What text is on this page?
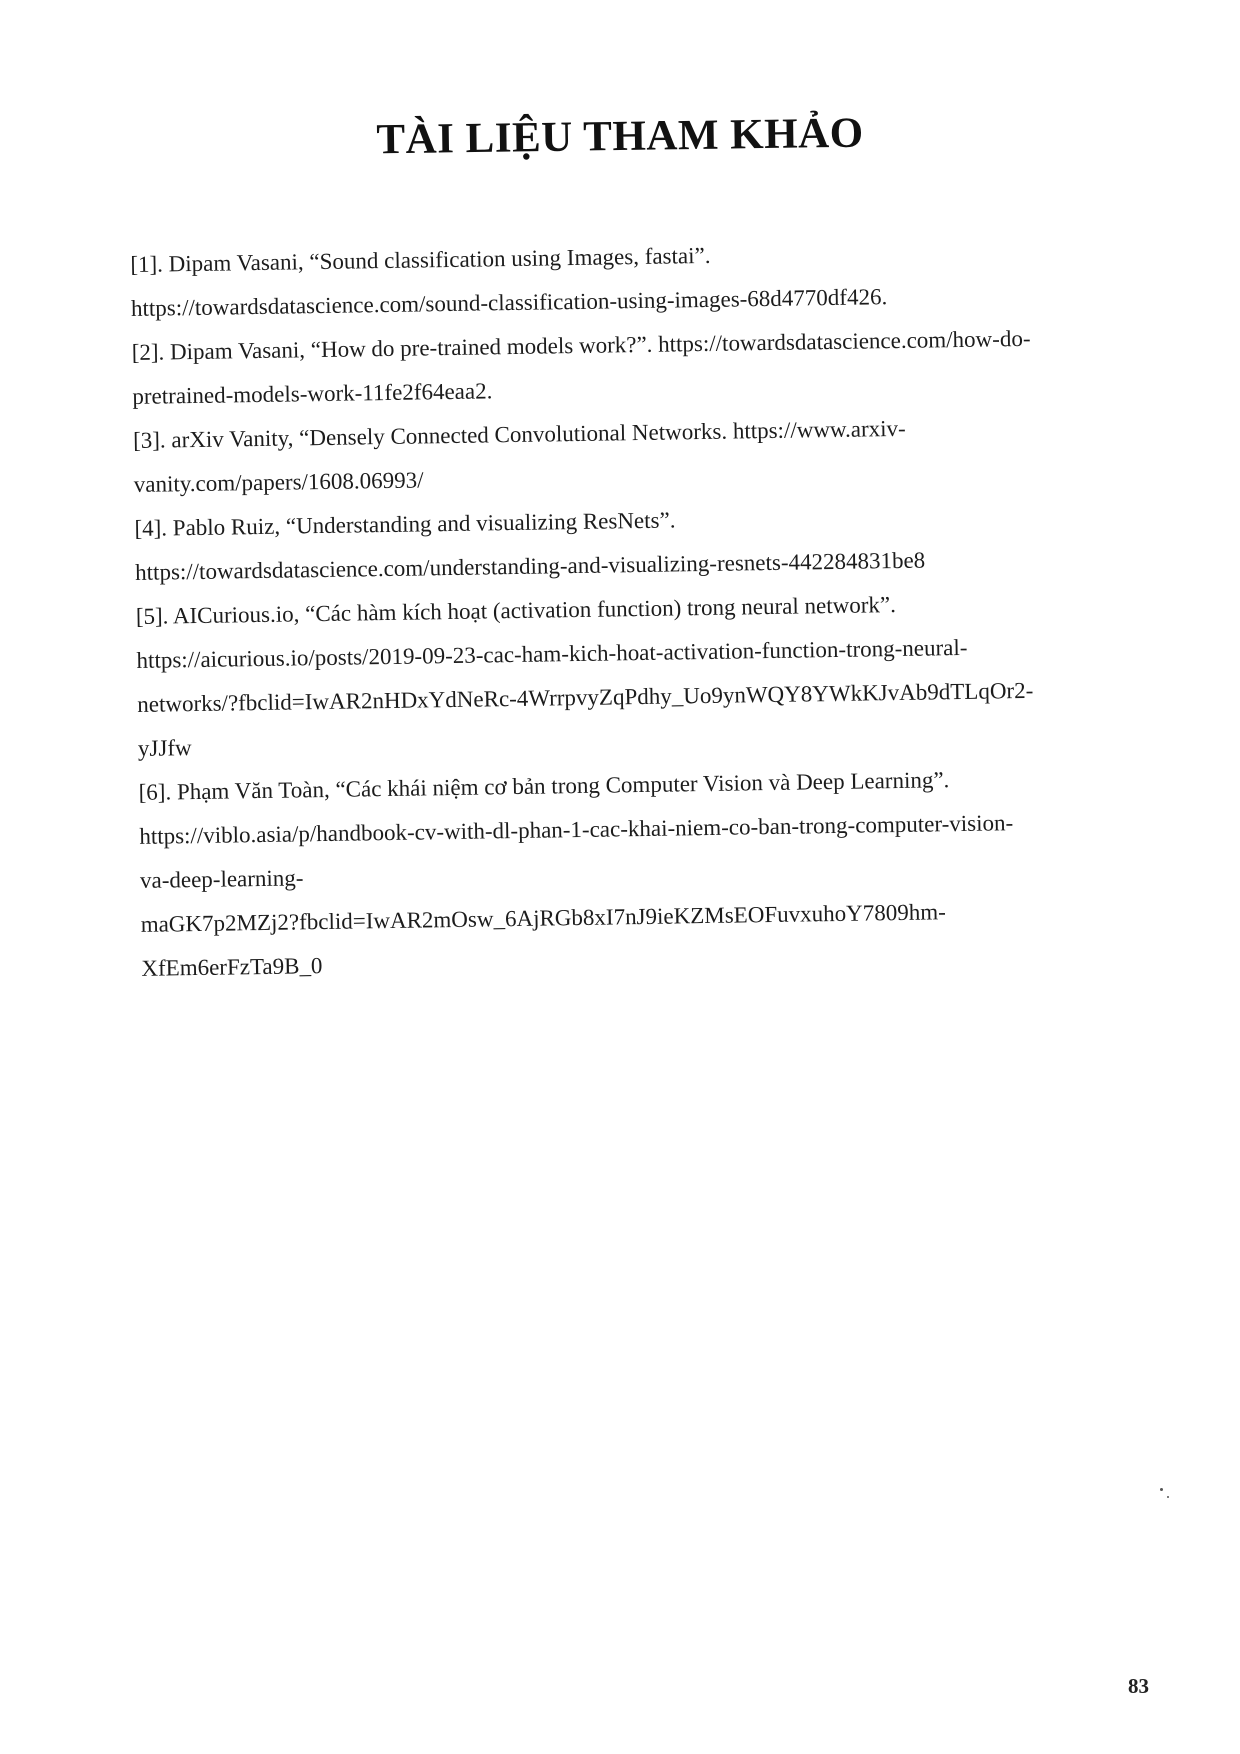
TÀI LIỆU THAM KHẢO
[1]. Dipam Vasani, “Sound classification using Images, fastai”.
https://towardsdatascience.com/sound-classification-using-images-68d4770df426.
[2]. Dipam Vasani, “How do pre-trained models work?”. https://towardsdatascience.com/how-do-
pretrained-models-work-11fe2f64eaa2.
[3]. arXiv Vanity, “Densely Connected Convolutional Networks. https://www.arxiv-
vanity.com/papers/1608.06993/
[4]. Pablo Ruiz, “Understanding and visualizing ResNets”.
https://towardsdatascience.com/understanding-and-visualizing-resnets-442284831be8
[5]. AICurious.io, “Các hàm kích hoạt (activation function) trong neural network”.
https://aicurious.io/posts/2019-09-23-cac-ham-kich-hoat-activation-function-trong-neural-
networks/?fbclid=IwAR2nHDxYdNeRc-4WrrpvyZqPdhy_Uo9ynWQY8YWkKJvAb9dTLqOr2-
yJJfw
[6]. Phạm Văn Toàn, “Các khái niệm cơ bản trong Computer Vision và Deep Learning”.
https://viblo.asia/p/handbook-cv-with-dl-phan-1-cac-khai-niem-co-ban-trong-computer-vision-
va-deep-learning-
maGK7p2MZj2?fbclid=IwAR2mOsw_6AjRGb8xI7nJ9ieKZMsEOFuvxuhoY7809hm-
XfEm6erFzTa9B_0
83
